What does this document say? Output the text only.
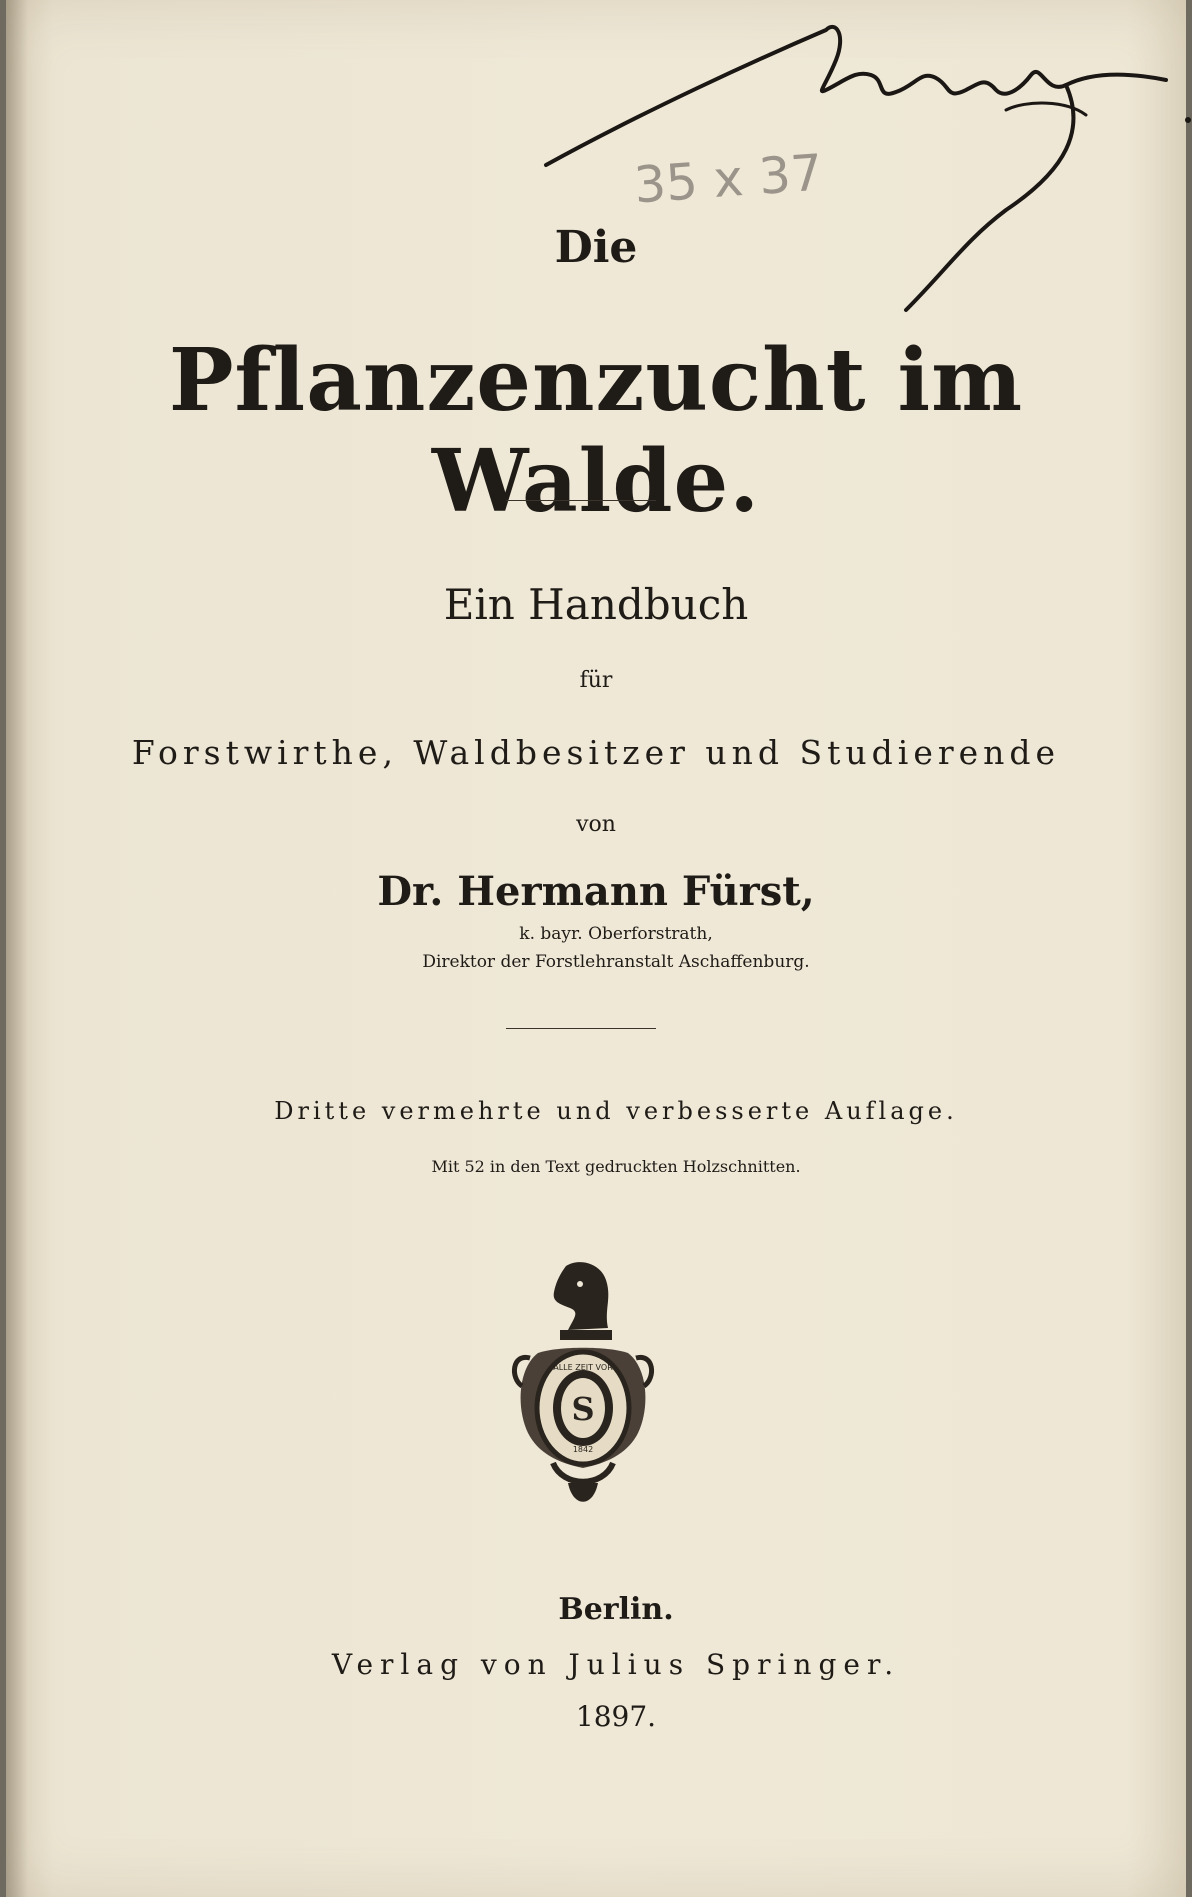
35 x 37
Die
Pflanzenzucht im Walde.
Ein Handbuch
für
Forstwirthe, Waldbesitzer und Studierende
von
Dr. Hermann Fürst,
k. bayr. Oberforstrath,
Direktor der Forstlehranstalt Aschaffenburg.
Dritte vermehrte und verbesserte Auflage.
Mit 52 in den Text gedruckten Holzschnitten.
S
ALLE ZEIT VOR
1842
Berlin.
Verlag von Julius Springer.
1897.
